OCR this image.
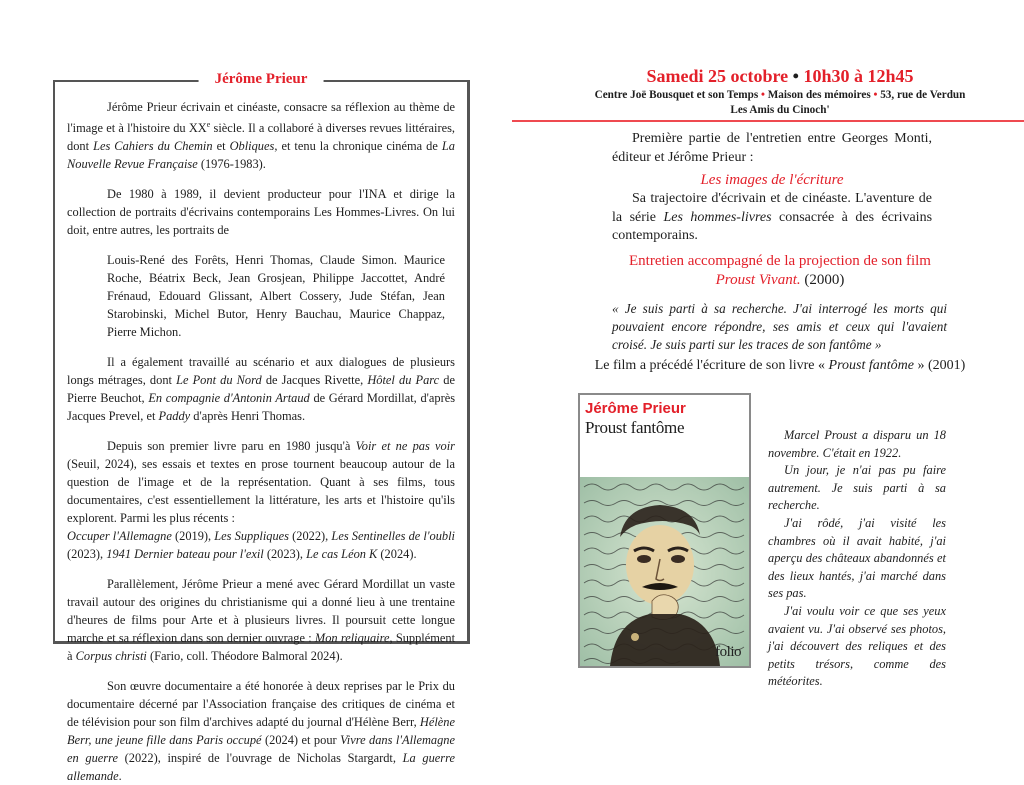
Jérôme Prieur

Jérôme Prieur écrivain et cinéaste, consacre sa réflexion au thème de l'image et à l'histoire du XXe siècle. Il a collaboré à diverses revues littéraires, dont Les Cahiers du Chemin et Obliques, et tenu la chronique cinéma de La Nouvelle Revue Française (1976-1983).

De 1980 à 1989, il devient producteur pour l'INA et dirige la collection de portraits d'écrivains contemporains Les Hommes-Livres. On lui doit, entre autres, les portraits de

Louis-René des Forêts, Henri Thomas, Claude Simon. Maurice Roche, Béatrix Beck, Jean Grosjean, Philippe Jaccottet, André Frénaud, Edouard Glissant, Albert Cossery, Jude Stéfan, Jean Starobinski, Michel Butor, Henry Bauchau, Maurice Chappaz, Pierre Michon.

Il a également travaillé au scénario et aux dialogues de plusieurs longs métrages, dont Le Pont du Nord de Jacques Rivette, Hôtel du Parc de Pierre Beuchot, En compagnie d'Antonin Artaud de Gérard Mordillat, d'après Jacques Prevel, et Paddy d'après Henri Thomas.

Depuis son premier livre paru en 1980 jusqu'à Voir et ne pas voir (Seuil, 2024), ses essais et textes en prose tournent beaucoup autour de la question de l'image et de la représentation. Quant à ses films, tous documentaires, c'est essentiellement la littérature, les arts et l'histoire qu'ils explorent. Parmi les plus récents :
Occuper l'Allemagne (2019), Les Suppliques (2022), Les Sentinelles de l'oubli (2023), 1941 Dernier bateau pour l'exil (2023), Le cas Léon K (2024).

Parallèlement, Jérôme Prieur a mené avec Gérard Mordillat un vaste travail autour des origines du christianisme qui a donné lieu à une trentaine d'heures de films pour Arte et à plusieurs livres. Il poursuit cette longue marche et sa réflexion dans son dernier ouvrage : Mon reliquaire, Supplément à Corpus christi (Fario, coll. Théodore Balmoral 2024).

Son œuvre documentaire a été honorée à deux reprises par le Prix du documentaire décerné par l'Association française des critiques de cinéma et de télévision pour son film d'archives adapté du journal d'Hélène Berr, Hélène Berr, une jeune fille dans Paris occupé (2024) et pour Vivre dans l'Allemagne en guerre (2022), inspiré de l'ouvrage de Nicholas Stargardt, La guerre allemande.

Samedi 25 octobre • 10h30 à 12h45
Centre Joë Bousquet et son Temps • Maison des mémoires • 53, rue de Verdun
Les Amis du Cinoch'

Première partie de l'entretien entre Georges Monti, éditeur et Jérôme Prieur :

Les images de l'écriture

Sa trajectoire d'écrivain et de cinéaste. L'aventure de la série Les hommes-livres consacrée à des écrivains contemporains.

Entretien accompagné de la projection de son film
Proust Vivant. (2000)

« Je suis parti à sa recherche. J'ai interrogé les morts qui pouvaient encore répondre, ses amis et ceux qui l'avaient croisé. Je suis parti sur les traces de son fantôme »

Le film a précédé l'écriture de son livre « Proust fantôme » (2001)

Jérôme Prieur
Proust fantôme
folio

Marcel Proust a disparu un 18 novembre. C'était en 1922.

Un jour, je n'ai pas pu faire autrement. Je suis parti à sa recherche.

J'ai rôdé, j'ai visité les chambres où il avait habité, j'ai aperçu des châteaux abandonnés et des lieux hantés, j'ai marché dans ses pas.

J'ai voulu voir ce que ses yeux avaient vu. J'ai observé ses photos, j'ai découvert des reliques et des petits trésors, comme des météorites.
